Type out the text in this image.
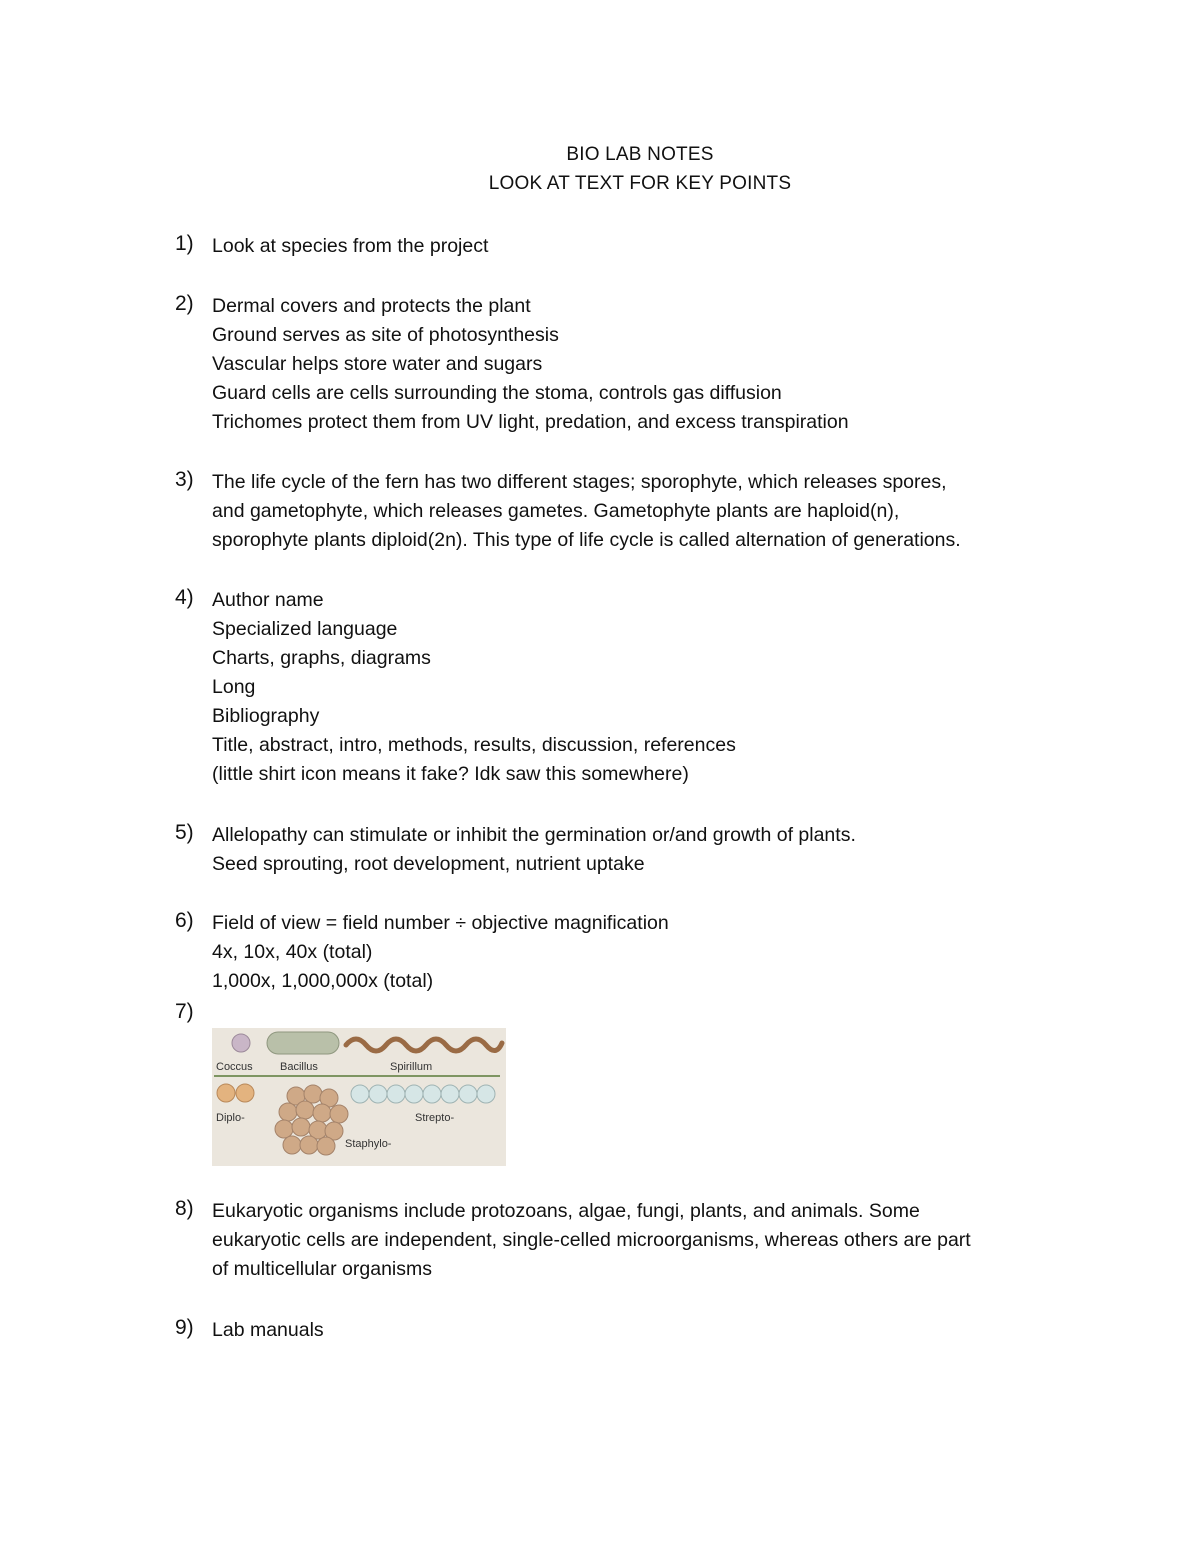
BIO LAB NOTES
LOOK AT TEXT FOR KEY POINTS
1) Look at species from the project
2) Dermal covers and protects the plant
Ground serves as site of photosynthesis
Vascular helps store water and sugars
Guard cells are cells surrounding the stoma, controls gas diffusion
Trichomes protect them from UV light, predation, and excess transpiration
3) The life cycle of the fern has two different stages; sporophyte, which releases spores,
and gametophyte, which releases gametes. Gametophyte plants are haploid(n),
sporophyte plants diploid(2n). This type of life cycle is called alternation of generations.
4) Author name
Specialized language
Charts, graphs, diagrams
Long
Bibliography
Title, abstract, intro, methods, results, discussion, references
(little shirt icon means it fake? Idk saw this somewhere)
5) Allelopathy can stimulate or inhibit the germination or/and growth of plants.
Seed sprouting, root development, nutrient uptake
6) Field of view = field number ÷ objective magnification
4x, 10x, 40x (total)
1,000x, 1,000,000x (total)
7)
Coccus Bacillus	Spirillum
Diplo-
Staphylo-
Strepto-
8) Eukaryotic organisms include protozoans, algae, fungi, plants, and animals. Some
eukaryotic cells are independent, single-celled microorganisms, whereas others are part
of multicellular organisms
9) Lab manuals
